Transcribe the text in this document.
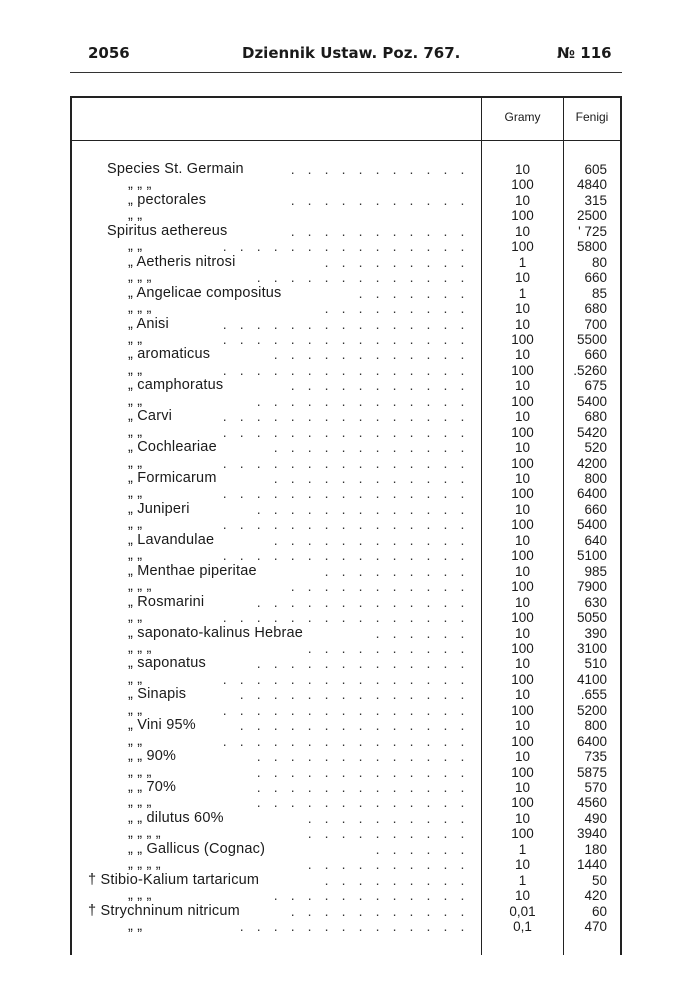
2056	Dziennik Ustaw. Poz. 767.	№ 116
Gramy	Fenigi
Species St. Germain	. . . . . . . . . . .	10	605
„ „ „	100	4840
„ pectorales	. . . . . . . . . . .	10	315
„ „	100	2500
Spiritus aethereus	. . . . . . . . . . .	10	' 725
„ „	. . . . . . . . . . . . . . .	100	5800
„ Aetheris nitrosi	. . . . . . . . .	1	80
„ „ „	. . . . . . . . . . . . .	10	660
„ Angelicae compositus	. . . . . . .	1	85
„ „ „	. . . . . . . . .	10	680
„ Anisi	. . . . . . . . . . . . . . .	10	700
„ „	. . . . . . . . . . . . . . .	100	5500
„ aromaticus	. . . . . . . . . . . .	10	660
„ „	. . . . . . . . . . . . . . .	100	.5260
„ camphoratus	. . . . . . . . . . .	10	675
„ „	. . . . . . . . . . . . .	100	5400
„ Carvi	. . . . . . . . . . . . . . .	10	680
„ „	. . . . . . . . . . . . . . .	100	5420
„ Cochleariae	. . . . . . . . . . . .	10	520
„ „	. . . . . . . . . . . . . . .	100	4200
„ Formicarum	. . . . . . . . . . . .	10	800
„ „	. . . . . . . . . . . . . . .	100	6400
„ Juniperi	. . . . . . . . . . . . .	10	660
„ „	. . . . . . . . . . . . . . .	100	5400
„ Lavandulae	. . . . . . . . . . . .	10	640
„ „	. . . . . . . . . . . . . . .	100	5100
„ Menthae piperitae	. . . . . . . . .	10	985
„ „ „	. . . . . . . . . . .	100	7900
„ Rosmarini	. . . . . . . . . . . . .	10	630
„ „	. . . . . . . . . . . . . . .	100	5050
„ saponato-kalinus Hebrae	. . . . . .	10	390
„ „ „	. . . . . . . . . .	100	3100
„ saponatus	. . . . . . . . . . . . .	10	510
„ „	. . . . . . . . . . . . . . .	100	4100
„ Sinapis	. . . . . . . . . . . . . .	10	.655
„ „	. . . . . . . . . . . . . . .	100	5200
„ Vini 95%	. . . . . . . . . . . . . .	10	800
„ „	. . . . . . . . . . . . . . .	100	6400
„ „ 90%	. . . . . . . . . . . . .	10	735
„ „ „	. . . . . . . . . . . . .	100	5875
„ „ 70%	. . . . . . . . . . . . .	10	570
„ „ „	. . . . . . . . . . . . .	100	4560
„ „ dilutus 60%	. . . . . . . . . .	10	490
„ „ „ „	. . . . . . . . . .	100	3940
„ „ Gallicus (Cognac)	. . . . . .	1	180
„ „ „ „	. . . . . . . . . .	10	1440
† Stibio-Kalium tartaricum	. . . . . . . . .	1	50
„ „ „	. . . . . . . . . . . .	10	420
† Strychninum nitricum	. . . . . . . . . . .	0,01	60
„ „	. . . . . . . . . . . . . .	0,1	470
